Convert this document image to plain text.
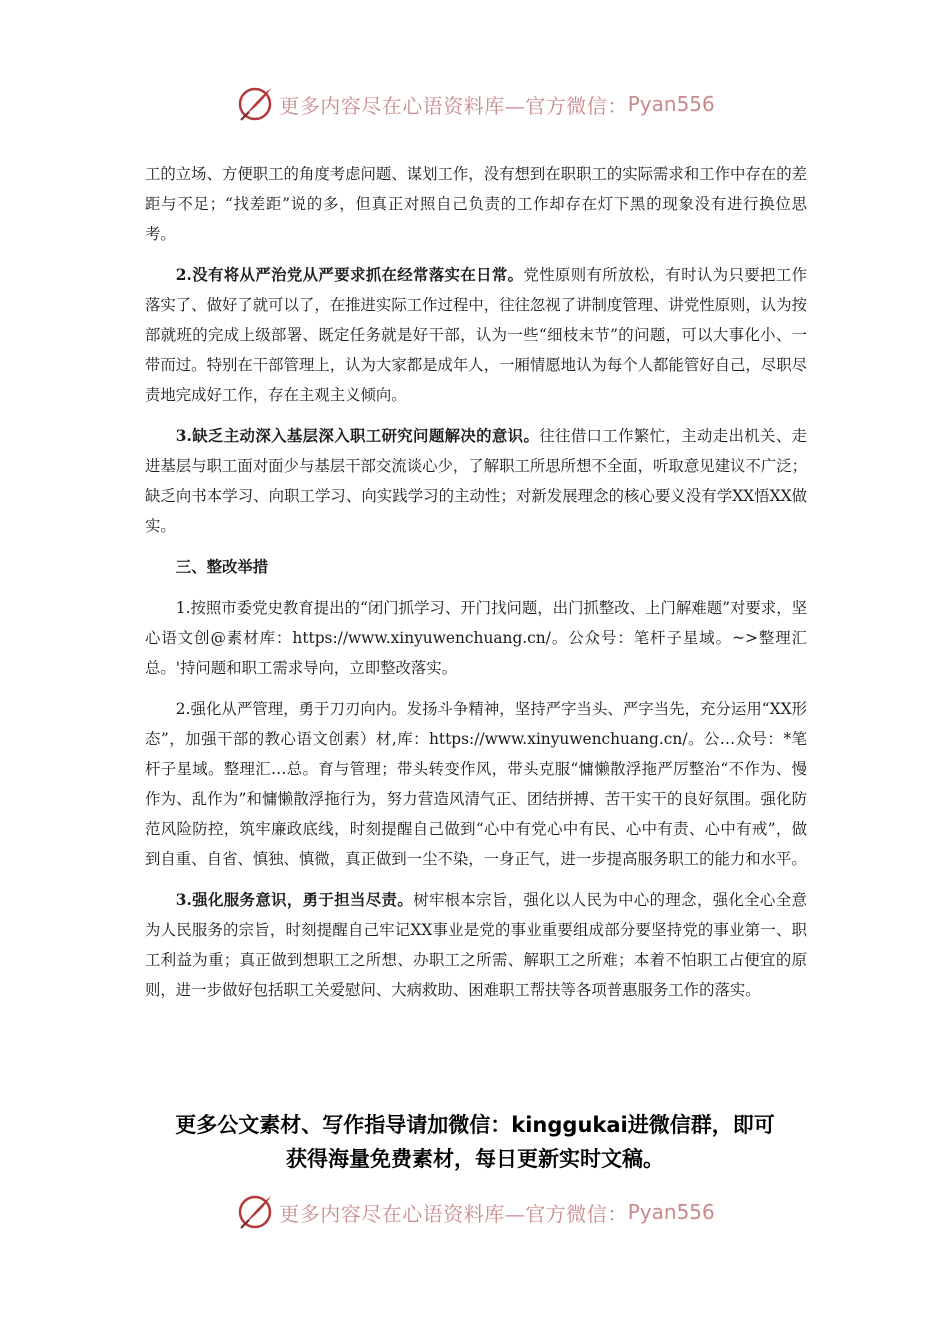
更多内容尽在心语资料库—官方微信： Pyan556

工的立场、方便职工的角度考虑问题、谋划工作，没有想到在职职工的实际需求和工作中存在的差距与不足；“找差距”说的多，但真正对照自己负责的工作却存在灯下黑的现象没有进行换位思考。

2.没有将从严治党从严要求抓在经常落实在日常。党性原则有所放松，有时认为只要把工作落实了、做好了就可以了，在推进实际工作过程中，往往忽视了讲制度管理、讲党性原则，认为按部就班的完成上级部署、既定任务就是好干部，认为一些“细枝末节”的问题，可以大事化小、一带而过。特别在干部管理上，认为大家都是成年人，一厢情愿地认为每个人都能管好自己，尽职尽责地完成好工作，存在主观主义倾向。

3.缺乏主动深入基层深入职工研究问题解决的意识。往往借口工作繁忙，主动走出机关、走进基层与职工面对面少与基层干部交流谈心少，了解职工所思所想不全面，听取意见建议不广泛；缺乏向书本学习、向职工学习、向实践学习的主动性；对新发展理念的核心要义没有学XX悟XX做实。

三、整改举措

1.按照市委党史教育提出的“闭门抓学习、开门找问题，出门抓整改、上门解难题”对要求，坚心语文创@素材库：https://www.xinyuwenchuang.cn/。公众号：笔杆子星域。~>整理汇总。'持问题和职工需求导向，立即整改落实。

2.强化从严管理，勇于刀刃向内。发扬斗争精神，坚持严字当头、严字当先，充分运用“XX形态”，加强干部的教心语文创素）材,库：https://www.xinyuwenchuang.cn/。公…众号：*笔杆子星域。整理汇…总。育与管理；带头转变作风，带头克服“慵懒散浮拖严厉整治“不作为、慢作为、乱作为”和慵懒散浮拖行为，努力营造风清气正、团结拼搏、苦干实干的良好氛围。强化防范风险防控，筑牢廉政底线，时刻提醒自己做到“心中有党心中有民、心中有责、心中有戒”，做到自重、自省、慎独、慎微，真正做到一尘不染，一身正气，进一步提高服务职工的能力和水平。

3.强化服务意识，勇于担当尽责。树牢根本宗旨，强化以人民为中心的理念，强化全心全意为人民服务的宗旨，时刻提醒自己牢记XX事业是党的事业重要组成部分要坚持党的事业第一、职工利益为重；真正做到想职工之所想、办职工之所需、解职工之所难；本着不怕职工占便宜的原则，进一步做好包括职工关爱慰问、大病救助、困难职工帮扶等各项普惠服务工作的落实。

更多公文素材、写作指导请加微信：kinggukai进微信群，即可
获得海量免费素材，每日更新实时文稿。
更多内容尽在心语资料库—官方微信： Pyan556
